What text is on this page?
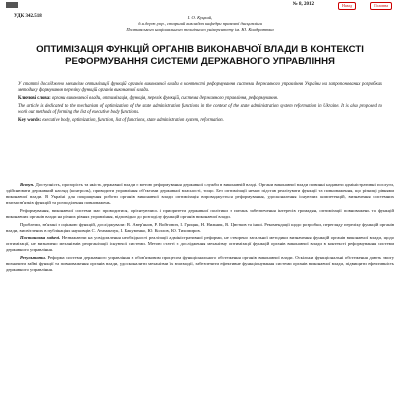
№ 8, 2012	Назад	Головна
УДК 342.518	І. О. Куцкий,
д.н.держ.упр., старший викладач кафедри правової дисципліни
Полтавського національного технічного університету ім. Ю. Кондратюка
ОПТИМІЗАЦІЯ ФУНКЦІЙ ОРГАНІВ ВИКОНАВЧОЇ ВЛАДИ В КОНТЕКСТІ РЕФОРМУВАННЯ СИСТЕМИ ДЕРЖАВНОГО УПРАВЛІННЯ

У статті досліджено механізм оптимізації функцій органів виконавчої влади в контексті реформування системи державного управління України на запропонованих розробках методику формування переліку функцій органів виконавчої влади.

Ключові слова: органи виконавчої влади, оптимізація, функція, перелік функцій, система державного управління, реформування.

The article is dedicated to the mechanism of optimization of the state administration functions in the context of the state administration system reformation in Ukraine. It is also proposed to work out methods of forming the list of executive body functions.

Key words: executive body, optimization, function, list of functions, state administration system, reformation.

Вступ. Доступність, прозорість та якість державної влади є метою реформування державної служби в виконавчій владі. Органи виконавчої влади повинні надавати адміністративні послуги, здійснювати державний нагляд (контроль), приводити управління об'єктами державної власності, тощо. Без оптимізації немає підстав реалізувати функції та повноваження, що різниці рівнями виконавчої влади. В Україні для покращення роботи органів виконавчої влади оптимізація впроваджується реформування, удосконалення існуючих компетенцій, визначення системних взаємозв'язків функцій та розподілення повноважень.

Реформування, виконавчої системи має проводитися, орієнтуючись і приоритети державної політики з питань забезпечення інтересів громадян, оптимізації повноважень та функцій виконавчих органів влади на різних рівнях управління, відповідно до розподілу функцій органів виконавчої влади.

Проблеми, зв'язані з оцінкою функцій, досліджували: В. Авер'янов, Р. Войтович, І. Грицяк, Н. Нижник, В. Цвєтков та інші. Рекомендації щодо розробки, перегляду переліку функцій органів влади, висвітлених в публікаціях науковців С. Атаманчук, І. Бакуменко, Ю. Коллов, Ю. Тихомиров.

Постановка задачі. Незважаючи на усвідомлення необхідності реалізації адміністративної реформи, не створено загальної методики визначення функцій органів виконавчої влади, щодо оптимізації, не визначено механізмів реорганізації існуючої системи. Метою статті є дослідження механізму оптимізації функцій органів виконавчої влади в контексті реформування системи державного управління.

Результати. Реформа системи державного управління з обов'язковим процесом функціонального обстеження органів виконавчої влади. Оскільки функціональні обстеження дають змогу визначити зайві функції та повноваження органів влади, удосконалити механізми їх взаємодії, забезпечити ефективне функціонування системи органів виконавчої влади, підвищити ефективність державного управління.
